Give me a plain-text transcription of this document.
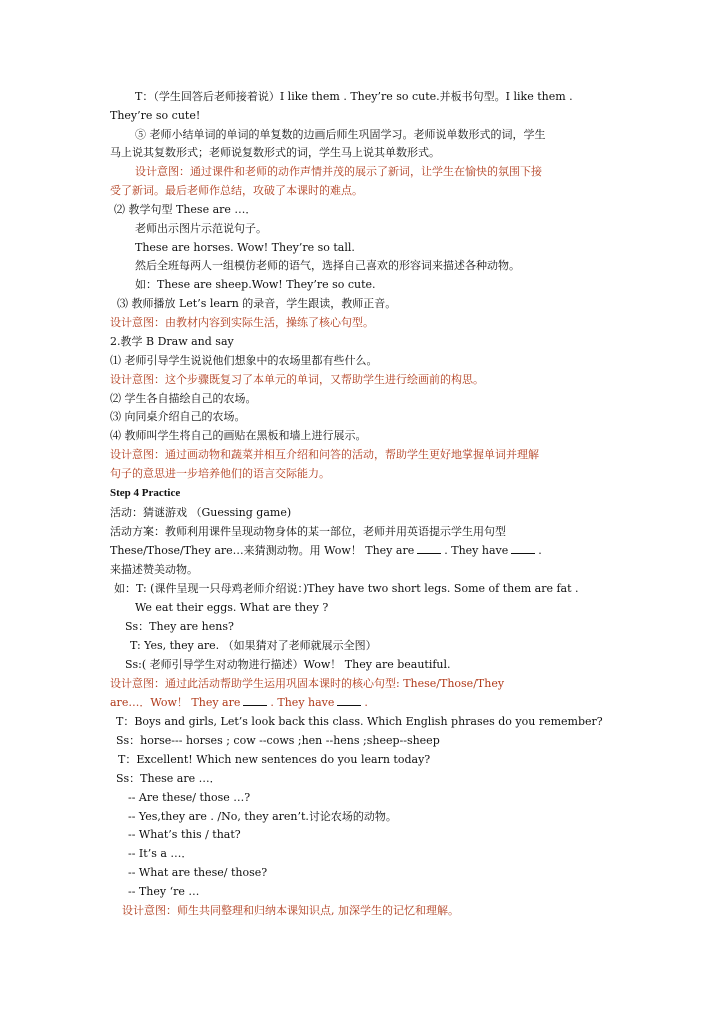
T：（学生回答后老师接着说）I like them . They’re so cute.并板书句型。I like them .
They’re so cute!
⑤ 老师小结单词的单词的单复数的边画后师生巩固学习。老师说单数形式的词，学生
马上说其复数形式；老师说复数形式的词，学生马上说其单数形式。
设计意图：通过课件和老师的动作声情并茂的展示了新词，让学生在愉快的氛围下接
受了新词。最后老师作总结，攻破了本课时的难点。
⑵ 教学句型 These are …．
老师出示图片示范说句子。
These are horses. Wow! They’re so tall.
然后全班每两人一组模仿老师的语气，选择自己喜欢的形容词来描述各种动物。
如：These are sheep.Wow! They’re so cute.
⑶ 教师播放 Let’s learn 的录音，学生跟读，教师正音。
设计意图：由教材内容到实际生活，操练了核心句型。
2.教学 B Draw and say
⑴ 老师引导学生说说他们想象中的农场里都有些什么。
设计意图：这个步骤既复习了本单元的单词，又帮助学生进行绘画前的构思。
⑵ 学生各自描绘自己的农场。
⑶ 向同桌介绍自己的农场。
⑷ 教师叫学生将自己的画贴在黑板和墙上进行展示。
设计意图：通过画动物和蔬菜并相互介绍和问答的活动，帮助学生更好地掌握单词并理解
句子的意思进一步培养他们的语言交际能力。
Step 4 Practice
活动：猜谜游戏 （Guessing game)
活动方案：教师利用课件呈现动物身体的某一部位，老师并用英语提示学生用句型
These/Those/They are…来猜测动物。用 Wow！ They are	. They have	.
来描述赞美动物。
如：T: (课件呈现一只母鸡老师介绍说：)They have two short legs. Some of them are fat .
We eat their eggs. What are they ?
Ss：They are hens?
T: Yes, they are. （如果猜对了老师就展示全图）
Ss:( 老师引导学生对动物进行描述）Wow！ They are beautiful.
设计意图：通过此活动帮助学生运用巩固本课时的核心句型: These/Those/They
are…．Wow！ They are	. They have	.
T：Boys and girls, Let’s look back this class. Which English phrases do you remember?
Ss：horse--- horses ; cow --cows ;hen --hens ;sheep--sheep
T：Excellent! Which new sentences do you learn today?
Ss：These are …．
-- Are these/ those …?
-- Yes,they are . /No, they aren’t.讨论农场的动物。
-- What’s this / that?
-- It’s a …．
-- What are these/ those?
-- They ‘re …
设计意图：师生共同整理和归纳本课知识点, 加深学生的记忆和理解。
